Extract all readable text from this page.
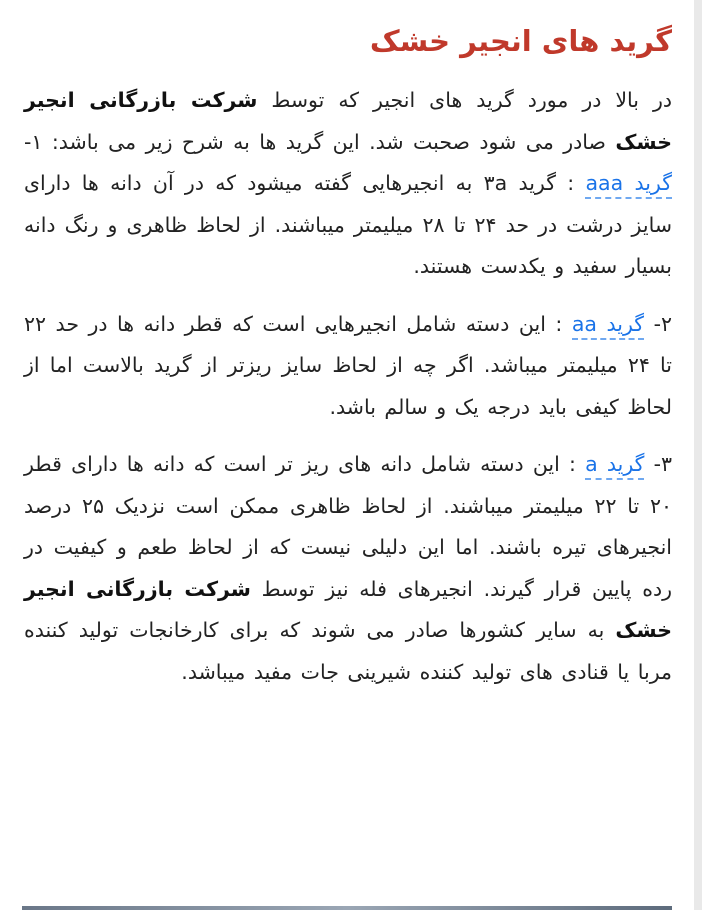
گرید های انجیر خشک

در بالا در مورد گرید های انجیر که توسط شرکت بازرگانی انجیر خشک صادر می شود صحبت شد. این گرید ها به شرح زیر می باشد: ۱- گرید aaa : گرید ۳a به انجیرهایی گفته میشود که در آن دانه ها دارای سایز درشت در حد ۲۴ تا ۲۸ میلیمتر میباشند. از لحاظ ظاهری و رنگ دانه بسیار سفید و یکدست هستند.

۲- گرید aa : این دسته شامل انجیرهایی است که قطر دانه ها در حد ۲۲ تا ۲۴ میلیمتر میباشد. اگر چه از لحاظ سایز ریزتر از گرید بالاست اما از لحاظ کیفی باید درجه یک و سالم باشد.

۳- گرید a : این دسته شامل دانه های ریز تر است که دانه ها دارای قطر ۲۰ تا ۲۲ میلیمتر میباشند. از لحاظ ظاهری ممکن است نزدیک ۲۵ درصد انجیرهای تیره باشند. اما این دلیلی نیست که از لحاظ طعم و کیفیت در رده پایین قرار گیرند. انجیرهای فله نیز توسط شرکت بازرگانی انجیر خشک به سایر کشورها صادر می شوند که برای کارخانجات تولید کننده مربا یا قنادی های تولید کننده شیرینی جات مفید میباشد.
